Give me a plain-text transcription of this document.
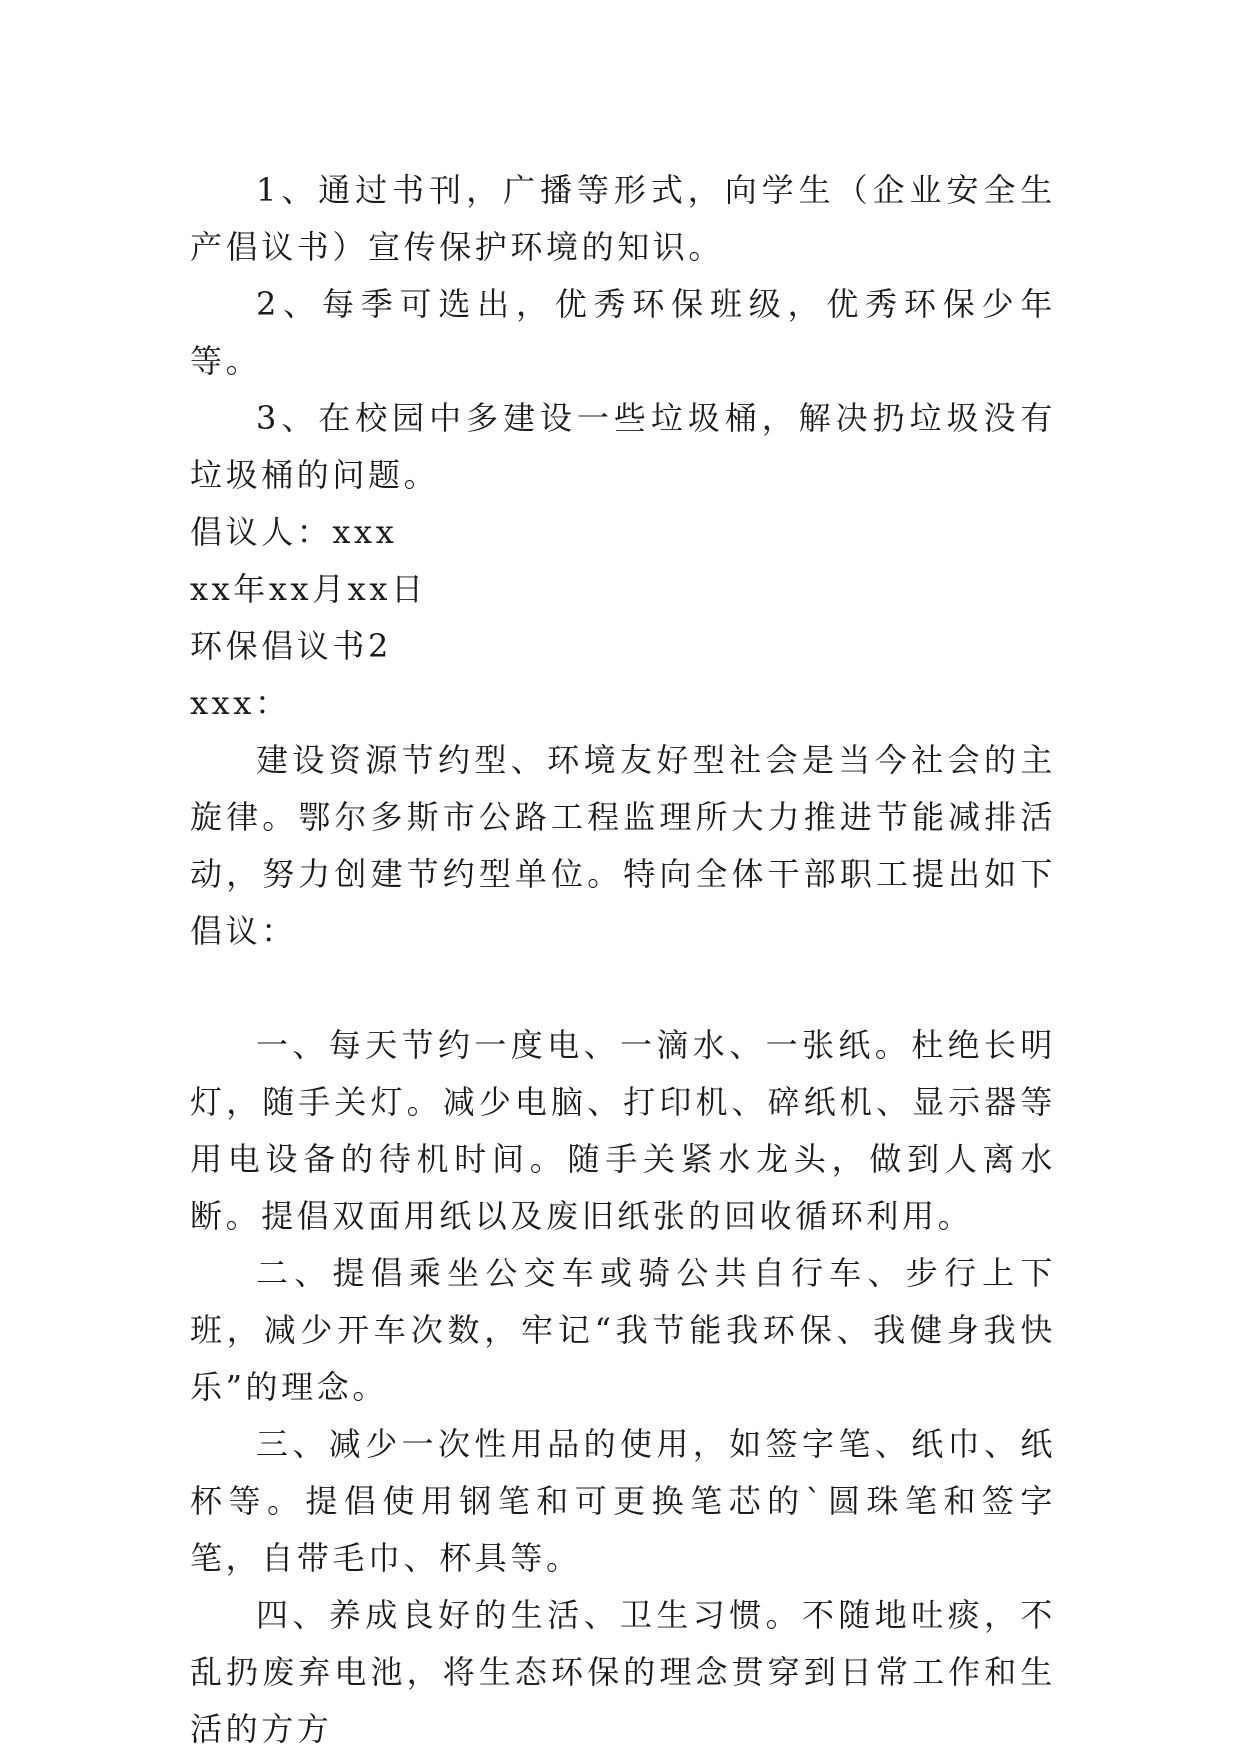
1、通过书刊，广播等形式，向学生（企业安全生产倡议书）宣传保护环境的知识。

2、每季可选出，优秀环保班级，优秀环保少年等。

3、在校园中多建设一些垃圾桶，解决扔垃圾没有垃圾桶的问题。

倡议人：xxx

xx年xx月xx日

环保倡议书2

xxx：

建设资源节约型、环境友好型社会是当今社会的主旋律。鄂尔多斯市公路工程监理所大力推进节能减排活动，努力创建节约型单位。特向全体干部职工提出如下倡议：

一、每天节约一度电、一滴水、一张纸。杜绝长明灯，随手关灯。减少电脑、打印机、碎纸机、显示器等用电设备的待机时间。随手关紧水龙头，做到人离水断。提倡双面用纸以及废旧纸张的回收循环利用。

二、提倡乘坐公交车或骑公共自行车、步行上下班，减少开车次数，牢记“我节能我环保、我健身我快乐”的理念。

三、减少一次性用品的使用，如签字笔、纸巾、纸杯等。提倡使用钢笔和可更换笔芯的`圆珠笔和签字笔，自带毛巾、杯具等。

四、养成良好的生活、卫生习惯。不随地吐痰，不乱扔废弃电池，将生态环保的理念贯穿到日常工作和生活的方方
